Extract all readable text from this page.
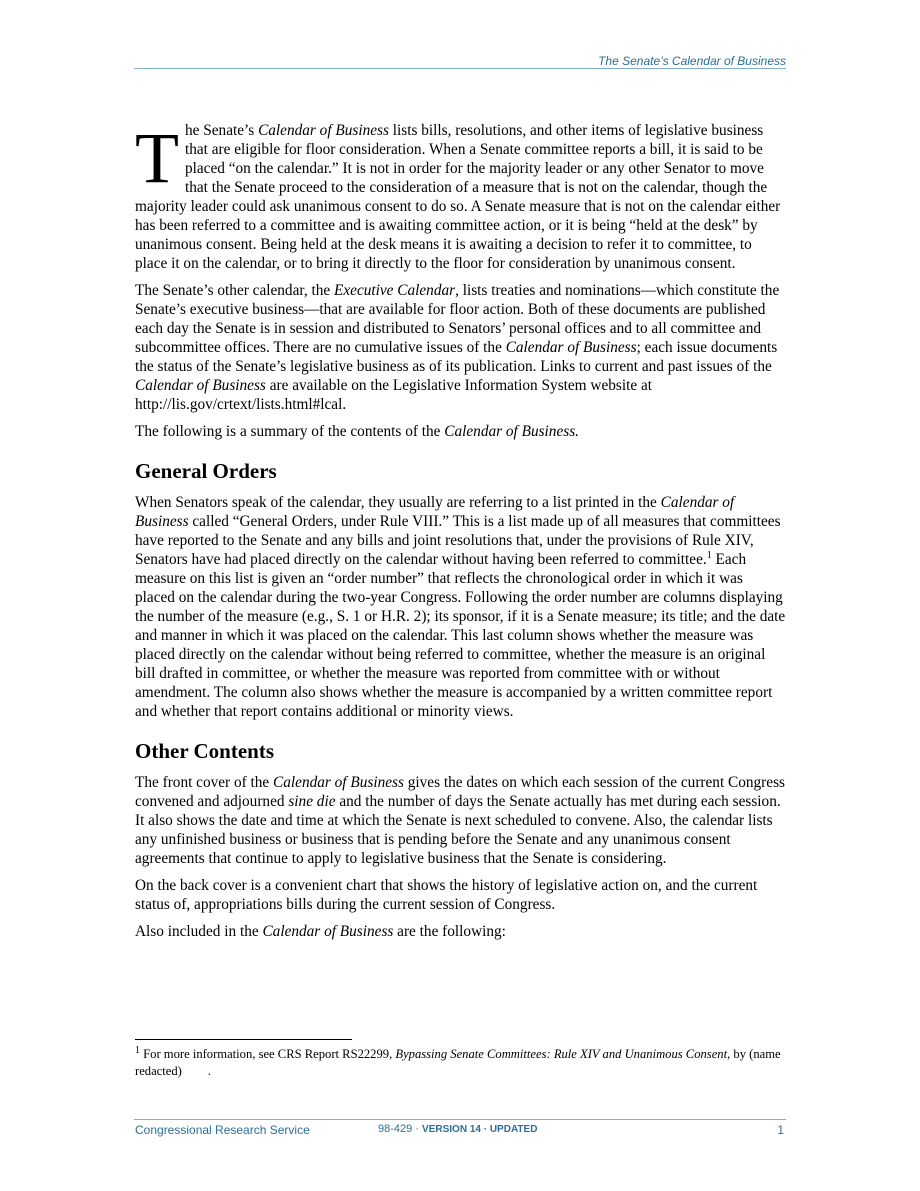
The Senate’s Calendar of Business

The Senate’s Calendar of Business lists bills, resolutions, and other items of legislative business that are eligible for floor consideration. When a Senate committee reports a bill, it is said to be placed “on the calendar.” It is not in order for the majority leader or any other Senator to move that the Senate proceed to the consideration of a measure that is not on the calendar, though the majority leader could ask unanimous consent to do so. A Senate measure that is not on the calendar either has been referred to a committee and is awaiting committee action, or it is being “held at the desk” by unanimous consent. Being held at the desk means it is awaiting a decision to refer it to committee, to place it on the calendar, or to bring it directly to the floor for consideration by unanimous consent.

The Senate’s other calendar, the Executive Calendar, lists treaties and nominations—which constitute the Senate’s executive business—that are available for floor action. Both of these documents are published each day the Senate is in session and distributed to Senators’ personal offices and to all committee and subcommittee offices. There are no cumulative issues of the Calendar of Business; each issue documents the status of the Senate’s legislative business as of its publication. Links to current and past issues of the Calendar of Business are available on the Legislative Information System website at http://lis.gov/crtext/lists.html#lcal.

The following is a summary of the contents of the Calendar of Business.

General Orders

When Senators speak of the calendar, they usually are referring to a list printed in the Calendar of Business called “General Orders, under Rule VIII.” This is a list made up of all measures that committees have reported to the Senate and any bills and joint resolutions that, under the provisions of Rule XIV, Senators have had placed directly on the calendar without having been referred to committee.$^1$ Each measure on this list is given an “order number” that reflects the chronological order in which it was placed on the calendar during the two-year Congress. Following the order number are columns displaying the number of the measure (e.g., S. 1 or H.R. 2); its sponsor, if it is a Senate measure; its title; and the date and manner in which it was placed on the calendar. This last column shows whether the measure was placed directly on the calendar without being referred to committee, whether the measure is an original bill drafted in committee, or whether the measure was reported from committee with or without amendment. The column also shows whether the measure is accompanied by a written committee report and whether that report contains additional or minority views.

Other Contents

The front cover of the Calendar of Business gives the dates on which each session of the current Congress convened and adjourned sine die and the number of days the Senate actually has met during each session. It also shows the date and time at which the Senate is next scheduled to convene. Also, the calendar lists any unfinished business or business that is pending before the Senate and any unanimous consent agreements that continue to apply to legislative business that the Senate is considering.

On the back cover is a convenient chart that shows the history of legislative action on, and the current status of, appropriations bills during the current session of Congress.

Also included in the Calendar of Business are the following:

$^1$ For more information, see CRS Report RS22299, Bypassing Senate Committees: Rule XIV and Unanimous Consent, by (name redacted) .
Congressional Research Service	98-429 · VERSION 14 · UPDATED	1
